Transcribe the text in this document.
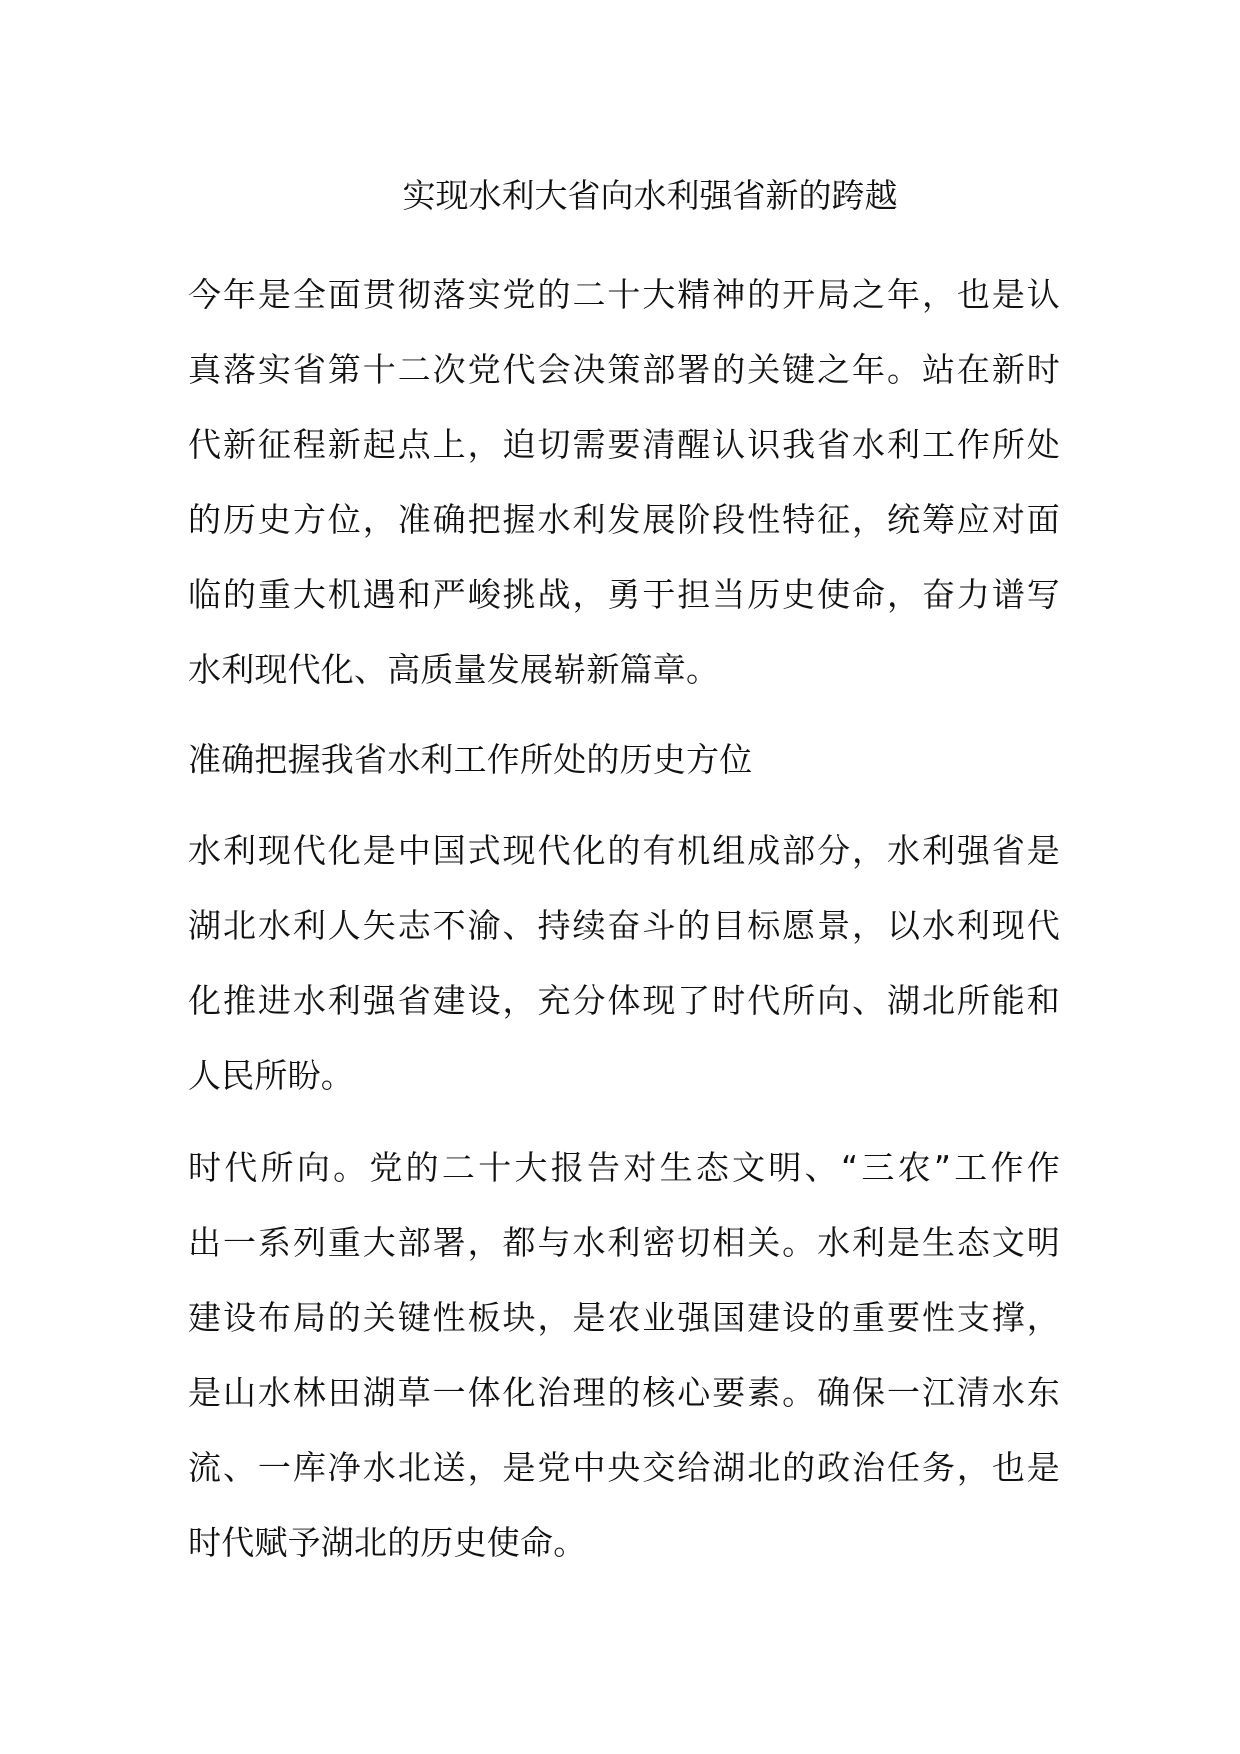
实现水利大省向水利强省新的跨越
今年是全面贯彻落实党的二十大精神的开局之年，也是认
真落实省第十二次党代会决策部署的关键之年。站在新时
代新征程新起点上，迫切需要清醒认识我省水利工作所处
的历史方位，准确把握水利发展阶段性特征，统筹应对面
临的重大机遇和严峻挑战，勇于担当历史使命，奋力谱写
水利现代化、高质量发展崭新篇章。
准确把握我省水利工作所处的历史方位
水利现代化是中国式现代化的有机组成部分，水利强省是
湖北水利人矢志不渝、持续奋斗的目标愿景，以水利现代
化推进水利强省建设，充分体现了时代所向、湖北所能和
人民所盼。
时代所向。党的二十大报告对生态文明、“三农”工作作
出一系列重大部署，都与水利密切相关。水利是生态文明
建设布局的关键性板块，是农业强国建设的重要性支撑，
是山水林田湖草一体化治理的核心要素。确保一江清水东
流、一库净水北送，是党中央交给湖北的政治任务，也是
时代赋予湖北的历史使命。
